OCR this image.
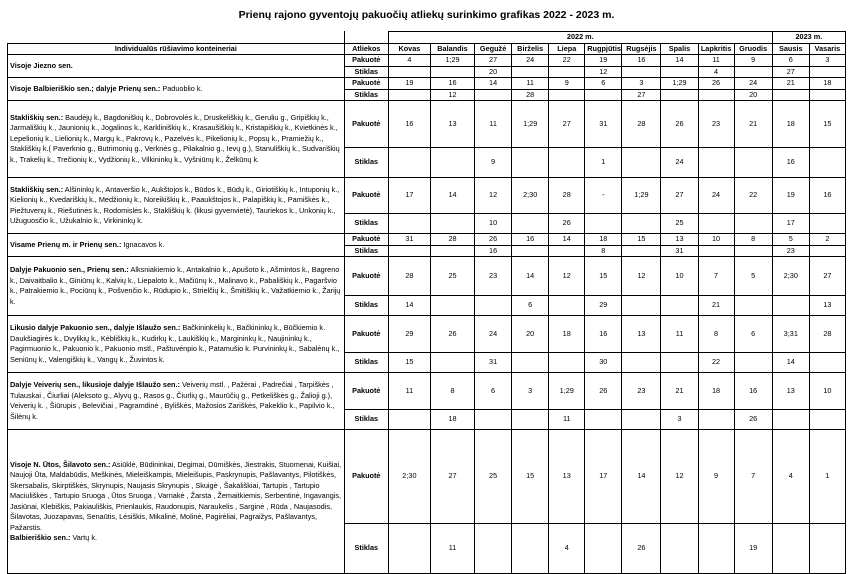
Prienų rajono gyventojų pakuočių atliekų surinkimo grafikas 2022 - 2023 m.
		2022 m.										2023 m.	
Individualūs rūšiavimo konteineriai	Atliekos	Kovas	Balandis	Gegužė	Birželis	Liepa	Rugpjūtis	Rugsėjis	Spalis	Lapkritis	Gruodis	Sausis	Vasaris

Visoje Jiezno sen.	Pakuotė	4	1;29	27	24	22	19	16	14	11	9	6	3
	Stiklas			20			12			4		27	

Visoje Balbieriškio sen.; dalyje Prienų sen.: Paduoblio k.	Pakuotė	19	16	14	11	9	6	3	1;29	26	24	21	18
	Stiklas		12		28			27			20		

Stakliškių sen.: Baudėjų k., Bagdoniškių k., Dobrovolės k., Druskeliškių k., Geruliu g., Gripiškių k., Jarmališkių k., Jaunionių k., Jogalinos k., Karkliniškių k., Krasaušiškių k., Kristapiškių k., Kvietkinės k., Lepelionių k., Lielionių k., Margų k., Pakrovų k., Pazelvės k., Pikelionių k., Popsų k., Pramiežių k., Stakliškių k.( Paverknio g., Butrimonių g., Verknės g., Pilakalnio g., Ievų g.), Stanuliškių k., Sudvariškių k., Trakelių k., Trečionių k., Vydžionių k., Vilkininkų k., Vyšniūnų k., Želkūnų k.	Pakuotė	16	13	11	1;29	27	31	28	26	23	21	18	15
	Stiklas			9			1		24			16	

Stakliškių sen.: Alšininkų k., Antaveršio k., Aukštojos k., Būdos k., Būdų k., Giriotiškių k., Intuponių k., Kielionių k., Kvedariškių k., Medžionių k., Noreikiškių k., Paaukštojos k., Palapiškių k., Pamiškės k., Piežtuvenų k., Riešutinės k., Rodomislės k., Stakliškių k. (likusi gyvenvietė), Tauriekos k., Unkonių k., Užuguosčio k., Užukalnio k., Virkininkų k.	Pakuotė	17	14	12	2;30	28	-	1;29	27	24	22	19	16
	Stiklas			10		26			25			17	

Visame Prienų m. ir Prienų sen.: Ignacavos k.	Pakuotė	31	28	26	16	14	18	15	13	10	8	5	2
	Stiklas			16			8		31			23	

Dalyje Pakuonio sen., Prienų sen.: Alksniakiemio k., Antakalnio k., Apušoto k., Ašmintos k., Bagreno k., Daivaitbalio k., Giniūnų k., Kalvių k., Liepaloto k., Mačiūnų k., Malinavo k., Pabališkių k., Pagaršvio k., Patrakiemio k., Pociūnų k., Pošvenčio k., Rūdupio k., Strielčių k., Šmitiškių k., Važatkiemio k., Žarijų k.	Pakuotė	28	25	23	14	12	15	12	10	7	5	2;30	27
	Stiklas	14			6		29			21			13

Likusio dalyje Pakuonio sen., dalyje Išlaužo sen.: Bačkininkėlių k., Bačkininkų k., Būčkiemio k. Daukšiagirės k., Dvylikių k., Kėbliškių k., Kudirkų k., Laukiškių k., Margininkų k., Naujininkų k., Pagirmuonio k., Pakuonio k., Pakuonio mstl., Paštuvėnpio k., Patamušio k. Purvininkų k., Sabalėnų k., Seniūnų k., Valengiškių k., Vangų k., Žuvintos k.	Pakuotė	29	26	24	20	18	16	13	11	8	6	3;31	28
	Stiklas	15		31			30			22		14	

Dalyje Veiverių sen., likusioje dalyje Išlaužo sen.: Veiverių mstl. , Pažėrai , Padrečiai , Tarpiškės , Tulauskai , Čiurliai (Aleksoto g., Alyvų g., Rasos g., Čiurlių g., Maurūčių g., Petkeliškės g., Žalioji g.), Veiverių k. , Šiūrupis , Belevičiai , Pagramdinė , Byliškės, Mažosios Zariškės, Pakeklio k., Papilvio k., Šilėnų k.	Pakuotė	11	8	6	3	1;29	26	23	21	18	16	13	10
	Stiklas		18			11			3		26		

Visoje N. Ūtos, Šilavoto sen.: Asiūklė, Būdininkai, Degimai, Dūmiškės, Jiestrakis, Stuomenai, Kuišiai, Naujoji Ūta, Maldabūdis, Meškinės, Mieleiškampis, Mieleišupis, Paskrynupis, Pašlavantys, Pilotiškės, Skersabalis, Skirptiškės, Skrynupis, Naujasis Skrynupis , Skuigė , Šakališkiai, Tartupis , Tartupio Maciuliškės , Tartupio Sruoga , Ūtos Sruoga , Varnakė , Žarsta , Žemaitkiemis, Serbentinė, Ingavangis, Jasiūnai, Klebiškis, Pakiauliškis, Prienlaukis, Raudonupis, Naraukelis , Sarginė , Rūda , Naujasodis, Šilavotas, Juozapavas, Senaūtis, Lėsiškis, Mikalinė, Molinė, Pagirėliai, Pagraižys, Pašlavantys, Pažarstis.

Balbieriškio sen.: Vartų k.	Pakuotė	2;30	27	25	15	13	17	14	12	9	7	4	1
	Stiklas		11			4		26			19		
